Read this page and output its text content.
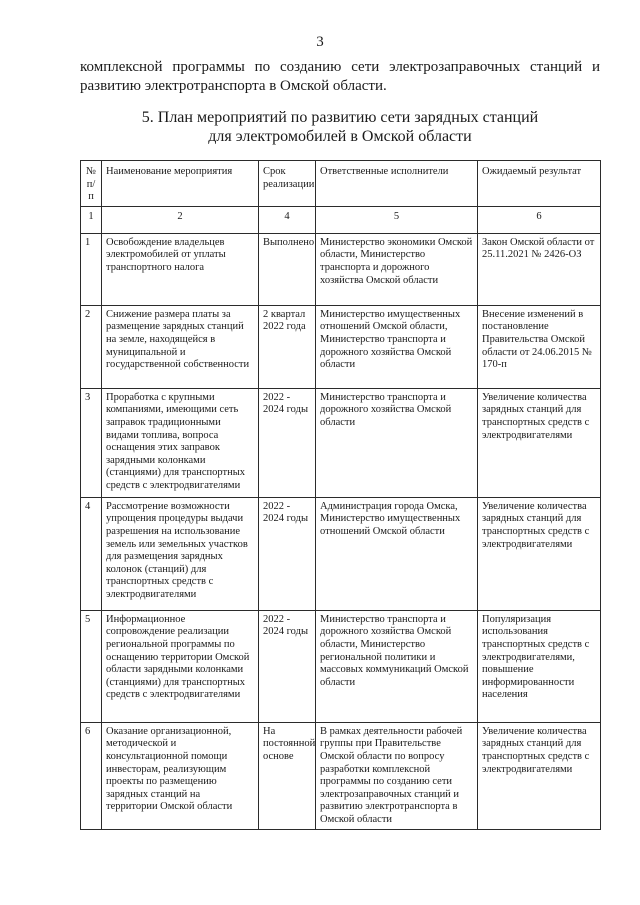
3
комплексной программы по созданию сети электрозаправочных станций и
развитию электротранспорта в Омской области.
5. План мероприятий по развитию сети зарядных станций
для электромобилей в Омской области
№ п/п	Наименование мероприятия	Срок реализации	Ответственные исполнители	Ожидаемый результат
1	2	4	5	6
1	Освобождение владельцев электромобилей от уплаты транспортного налога	Выполнено	Министерство экономики Омской области, Министерство транспорта и дорожного хозяйства Омской области	Закон Омской области от 25.11.2021 № 2426-ОЗ
2	Снижение размера платы за размещение зарядных станций на земле, находящейся в муниципальной и государственной собственности	2 квартал 2022 года	Министерство имущественных отношений Омской области, Министерство транспорта и дорожного хозяйства Омской области	Внесение изменений в постановление Правительства Омской области от 24.06.2015 № 170-п
3	Проработка с крупными компаниями, имеющими сеть заправок традиционными видами топлива, вопроса оснащения этих заправок зарядными колонками (станциями) для транспортных средств с электродвигателями	2022 - 2024 годы	Министерство транспорта и дорожного хозяйства Омской области	Увеличение количества зарядных станций для транспортных средств с электродвигателями
4	Рассмотрение возможности упрощения процедуры выдачи разрешения на использование земель или земельных участков для размещения зарядных колонок (станций) для транспортных средств с электродвигателями	2022 - 2024 годы	Администрация города Омска, Министерство имущественных отношений Омской области	Увеличение количества зарядных станций для транспортных средств с электродвигателями
5	Информационное сопровождение реализации региональной программы по оснащению территории Омской области зарядными колонками (станциями) для транспортных средств с электродвигателями	2022 - 2024 годы	Министерство транспорта и дорожного хозяйства Омской области, Министерство региональной политики и массовых коммуникаций Омской области	Популяризация использования транспортных средств с электродвигателями, повышение информированности населения
6	Оказание организационной, методической и консультационной помощи инвесторам, реализующим проекты по размещению зарядных станций на территории Омской области	На постоянной основе	В рамках деятельности рабочей группы при Правительстве Омской области по вопросу разработки комплексной программы по созданию сети электрозаправочных станций и развитию электротранспорта в Омской области	Увеличение количества зарядных станций для транспортных средств с электродвигателями
